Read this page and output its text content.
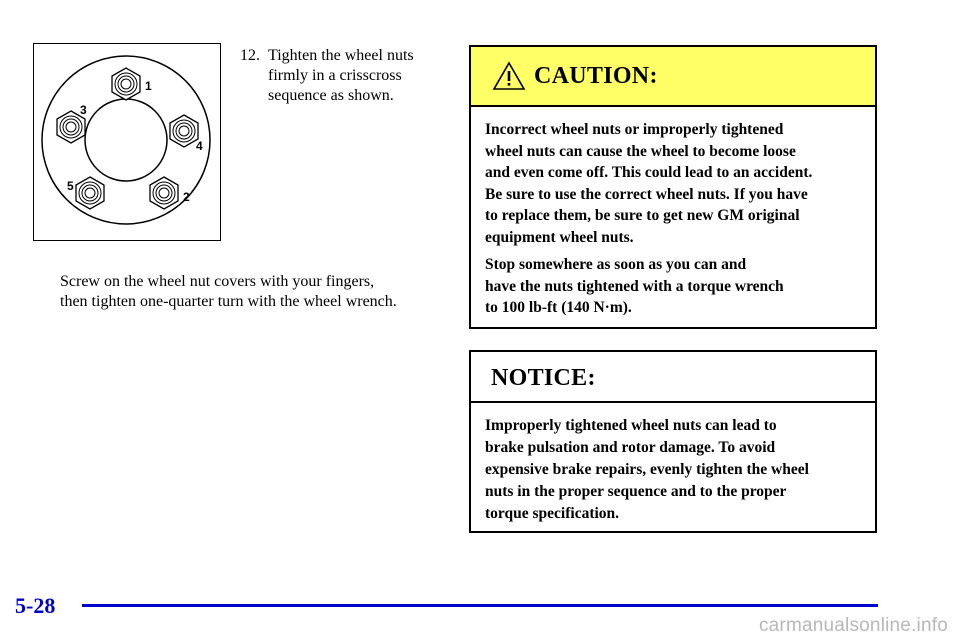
1
2
3
4
5
12. Tighten the wheel nuts
firmly in a crisscross
sequence as shown.
Screw on the wheel nut covers with your fingers,
then tighten one-quarter turn with the wheel wrench.
CAUTION:

Incorrect wheel nuts or improperly tightened
wheel nuts can cause the wheel to become loose
and even come off. This could lead to an accident.
Be sure to use the correct wheel nuts. If you have
to replace them, be sure to get new GM original
equipment wheel nuts.

Stop somewhere as soon as you can and
have the nuts tightened with a torque wrench
to 100 lb-ft (140 N·m).

NOTICE:
Improperly tightened wheel nuts can lead to
brake pulsation and rotor damage. To avoid
expensive brake repairs, evenly tighten the wheel
nuts in the proper sequence and to the proper
torque specification.
5-28
carmanualsonline.info
